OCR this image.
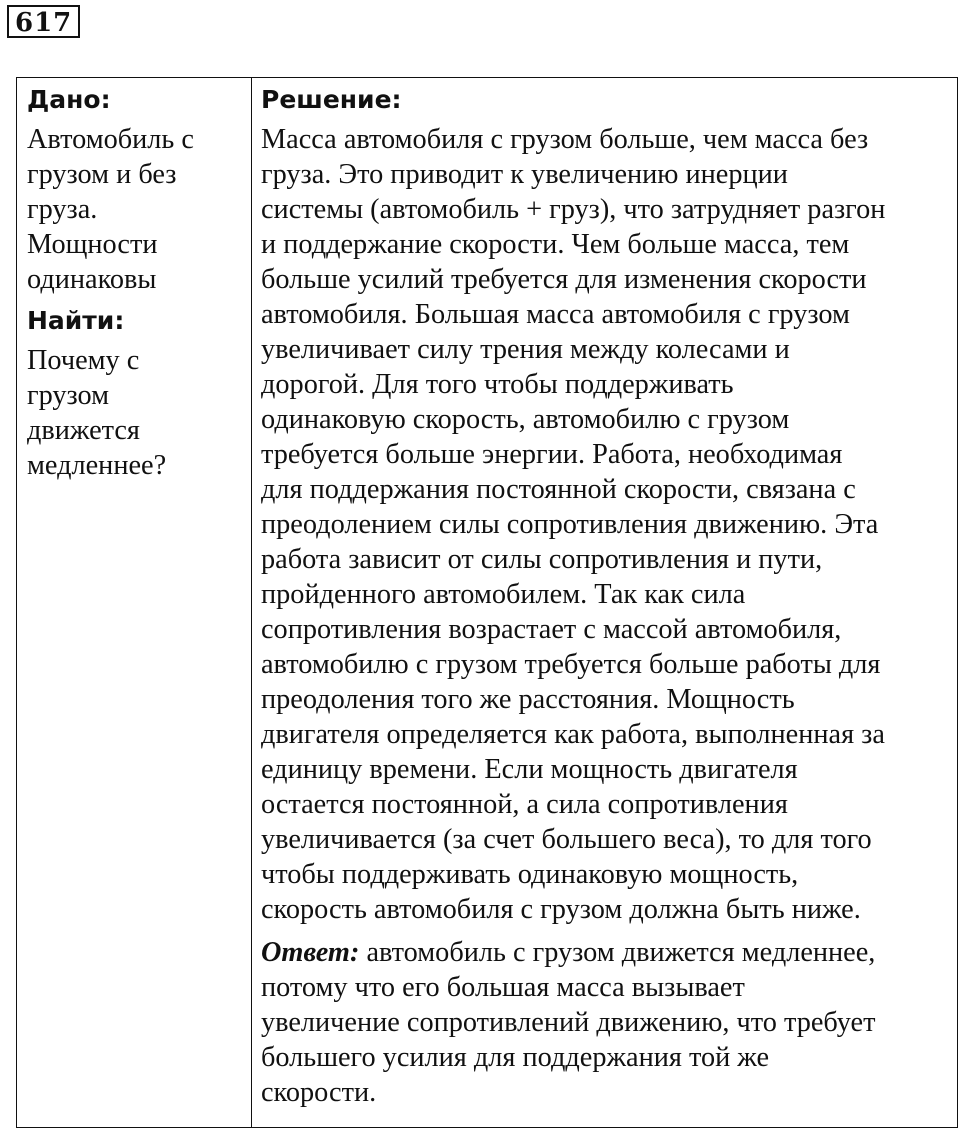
617
Дано:
Автомобиль с
грузом и без
груза.
Мощности
одинаковы
Найти:
Почему с
грузом
движется
медленнее?
Решение:
Масса автомобиля с грузом больше, чем масса без
груза. Это приводит к увеличению инерции
системы (автомобиль + груз), что затрудняет разгон
и поддержание скорости. Чем больше масса, тем
больше усилий требуется для изменения скорости
автомобиля. Большая масса автомобиля с грузом
увеличивает силу трения между колесами и
дорогой. Для того чтобы поддерживать
одинаковую скорость, автомобилю с грузом
требуется больше энергии. Работа, необходимая
для поддержания постоянной скорости, связана с
преодолением силы сопротивления движению. Эта
работа зависит от силы сопротивления и пути,
пройденного автомобилем. Так как сила
сопротивления возрастает с массой автомобиля,
автомобилю с грузом требуется больше работы для
преодоления того же расстояния. Мощность
двигателя определяется как работа, выполненная за
единицу времени. Если мощность двигателя
остается постоянной, а сила сопротивления
увеличивается (за счет большего веса), то для того
чтобы поддерживать одинаковую мощность,
скорость автомобиля с грузом должна быть ниже.
Ответ: автомобиль с грузом движется медленнее,
потому что его большая масса вызывает
увеличение сопротивлений движению, что требует
большего усилия для поддержания той же
скорости.
